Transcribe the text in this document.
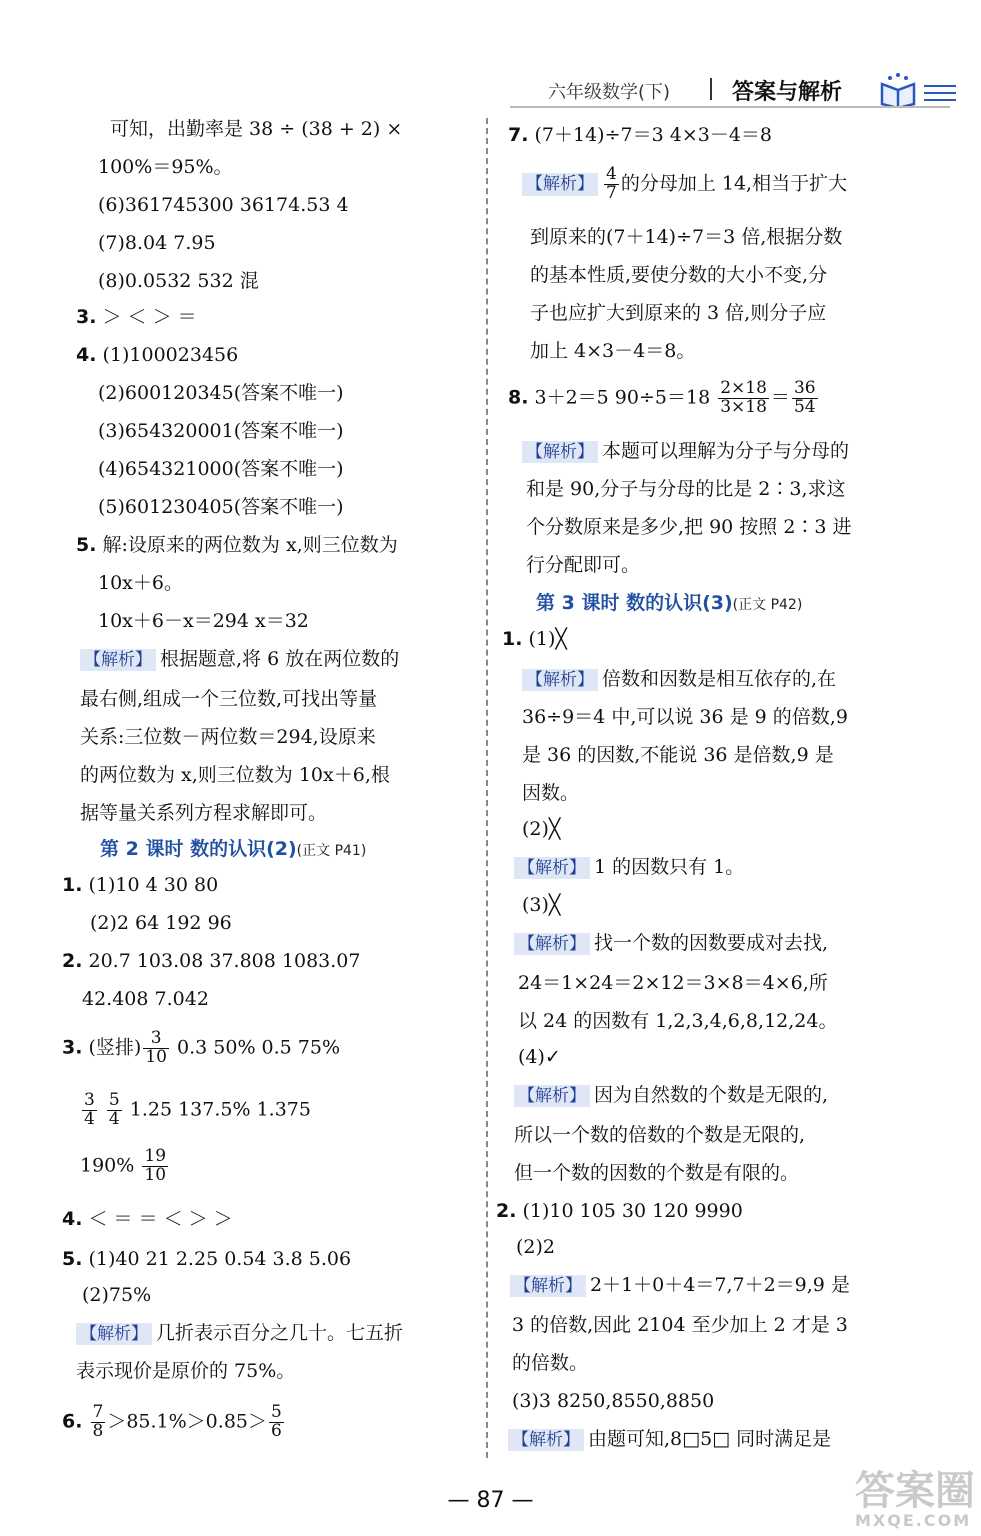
六年级数学(下)	答案与解析
可知，出勤率是 38 ÷ (38 + 2) ×
100%＝95%。
(6)361745300 36174.53 4
(7)8.04 7.95
(8)0.0532 532 混
3. ＞ ＜ ＞ ＝
4. (1)100023456
(2)600120345(答案不唯一)
(3)654320001(答案不唯一)
(4)654321000(答案不唯一)
(5)601230405(答案不唯一)
5. 解:设原来的两位数为 x,则三位数为
10x＋6。
10x＋6－x＝294 x＝32
【解析】 根据题意,将 6 放在两位数的
最右侧,组成一个三位数,可找出等量
关系:三位数－两位数＝294,设原来
的两位数为 x,则三位数为 10x＋6,根
据等量关系列方程求解即可。
第 2 课时 数的认识(2)(正文 P41)
1. (1)10 4 30 80
(2)2 64 192 96
2. 20.7 103.08 37.808 1083.07
42.408 7.042
3. (竖排) $\frac{3}{10} 0.3$ 50% 0.5 75%
$\frac{3}{4}$
$\frac{5}{4} 1.25$ 137.5% 1.375
$190\% \frac{19}{10}$
4. ＜ ＝ ＝ ＜ ＞ ＞
5. (1)40 21 2.25 0.54 3.8 5.06
(2)75%
【解析】 几折表示百分之几十。七五折
表示现价是原价的 75%。
6. $\frac{7}{8} >85.1\%>0.85> \frac{5}{6}$
7. (7＋14)÷7＝3 4×3－4＝8
【解析】 $\frac{4}{7}$ 的分母加上 14,相当于扩大
到原来的(7＋14)÷7＝3 倍,根据分数
的基本性质,要使分数的大小不变,分
子也应扩大到原来的 3 倍,则分子应
加上 4×3－4＝8。
8. 3＋2＝5 $90\div 5=18 \frac{2\times 18}{3\times 18} = \frac{36}{54}$
【解析】 本题可以理解为分子与分母的
和是 90,分子与分母的比是 2∶3,求这
个分数原来是多少,把 90 按照 2∶3 进
行分配即可。
第 3 课时 数的认识(3)(正文 P42)
1. (1)╳
【解析】 倍数和因数是相互依存的,在
36÷9＝4 中,可以说 36 是 9 的倍数,9
是 36 的因数,不能说 36 是倍数,9 是
因数。
(2)╳
【解析】 1 的因数只有 1。
(3)╳
【解析】 找一个数的因数要成对去找,
24＝1×24＝2×12＝3×8＝4×6,所
以 24 的因数有 1,2,3,4,6,8,12,24。
(4)✓
【解析】 因为自然数的个数是无限的,
所以一个数的倍数的个数是无限的,
但一个数的因数的个数是有限的。
2. (1)10 105 30 120 9990
(2)2
【解析】 2＋1＋0＋4＝7,7＋2＝9,9 是
3 的倍数,因此 2104 至少加上 2 才是 3
的倍数。
(3)3 8250,8550,8850
【解析】 由题可知,8□5□ 同时满足是
— 87 —	答案圈
MXQE.COM
